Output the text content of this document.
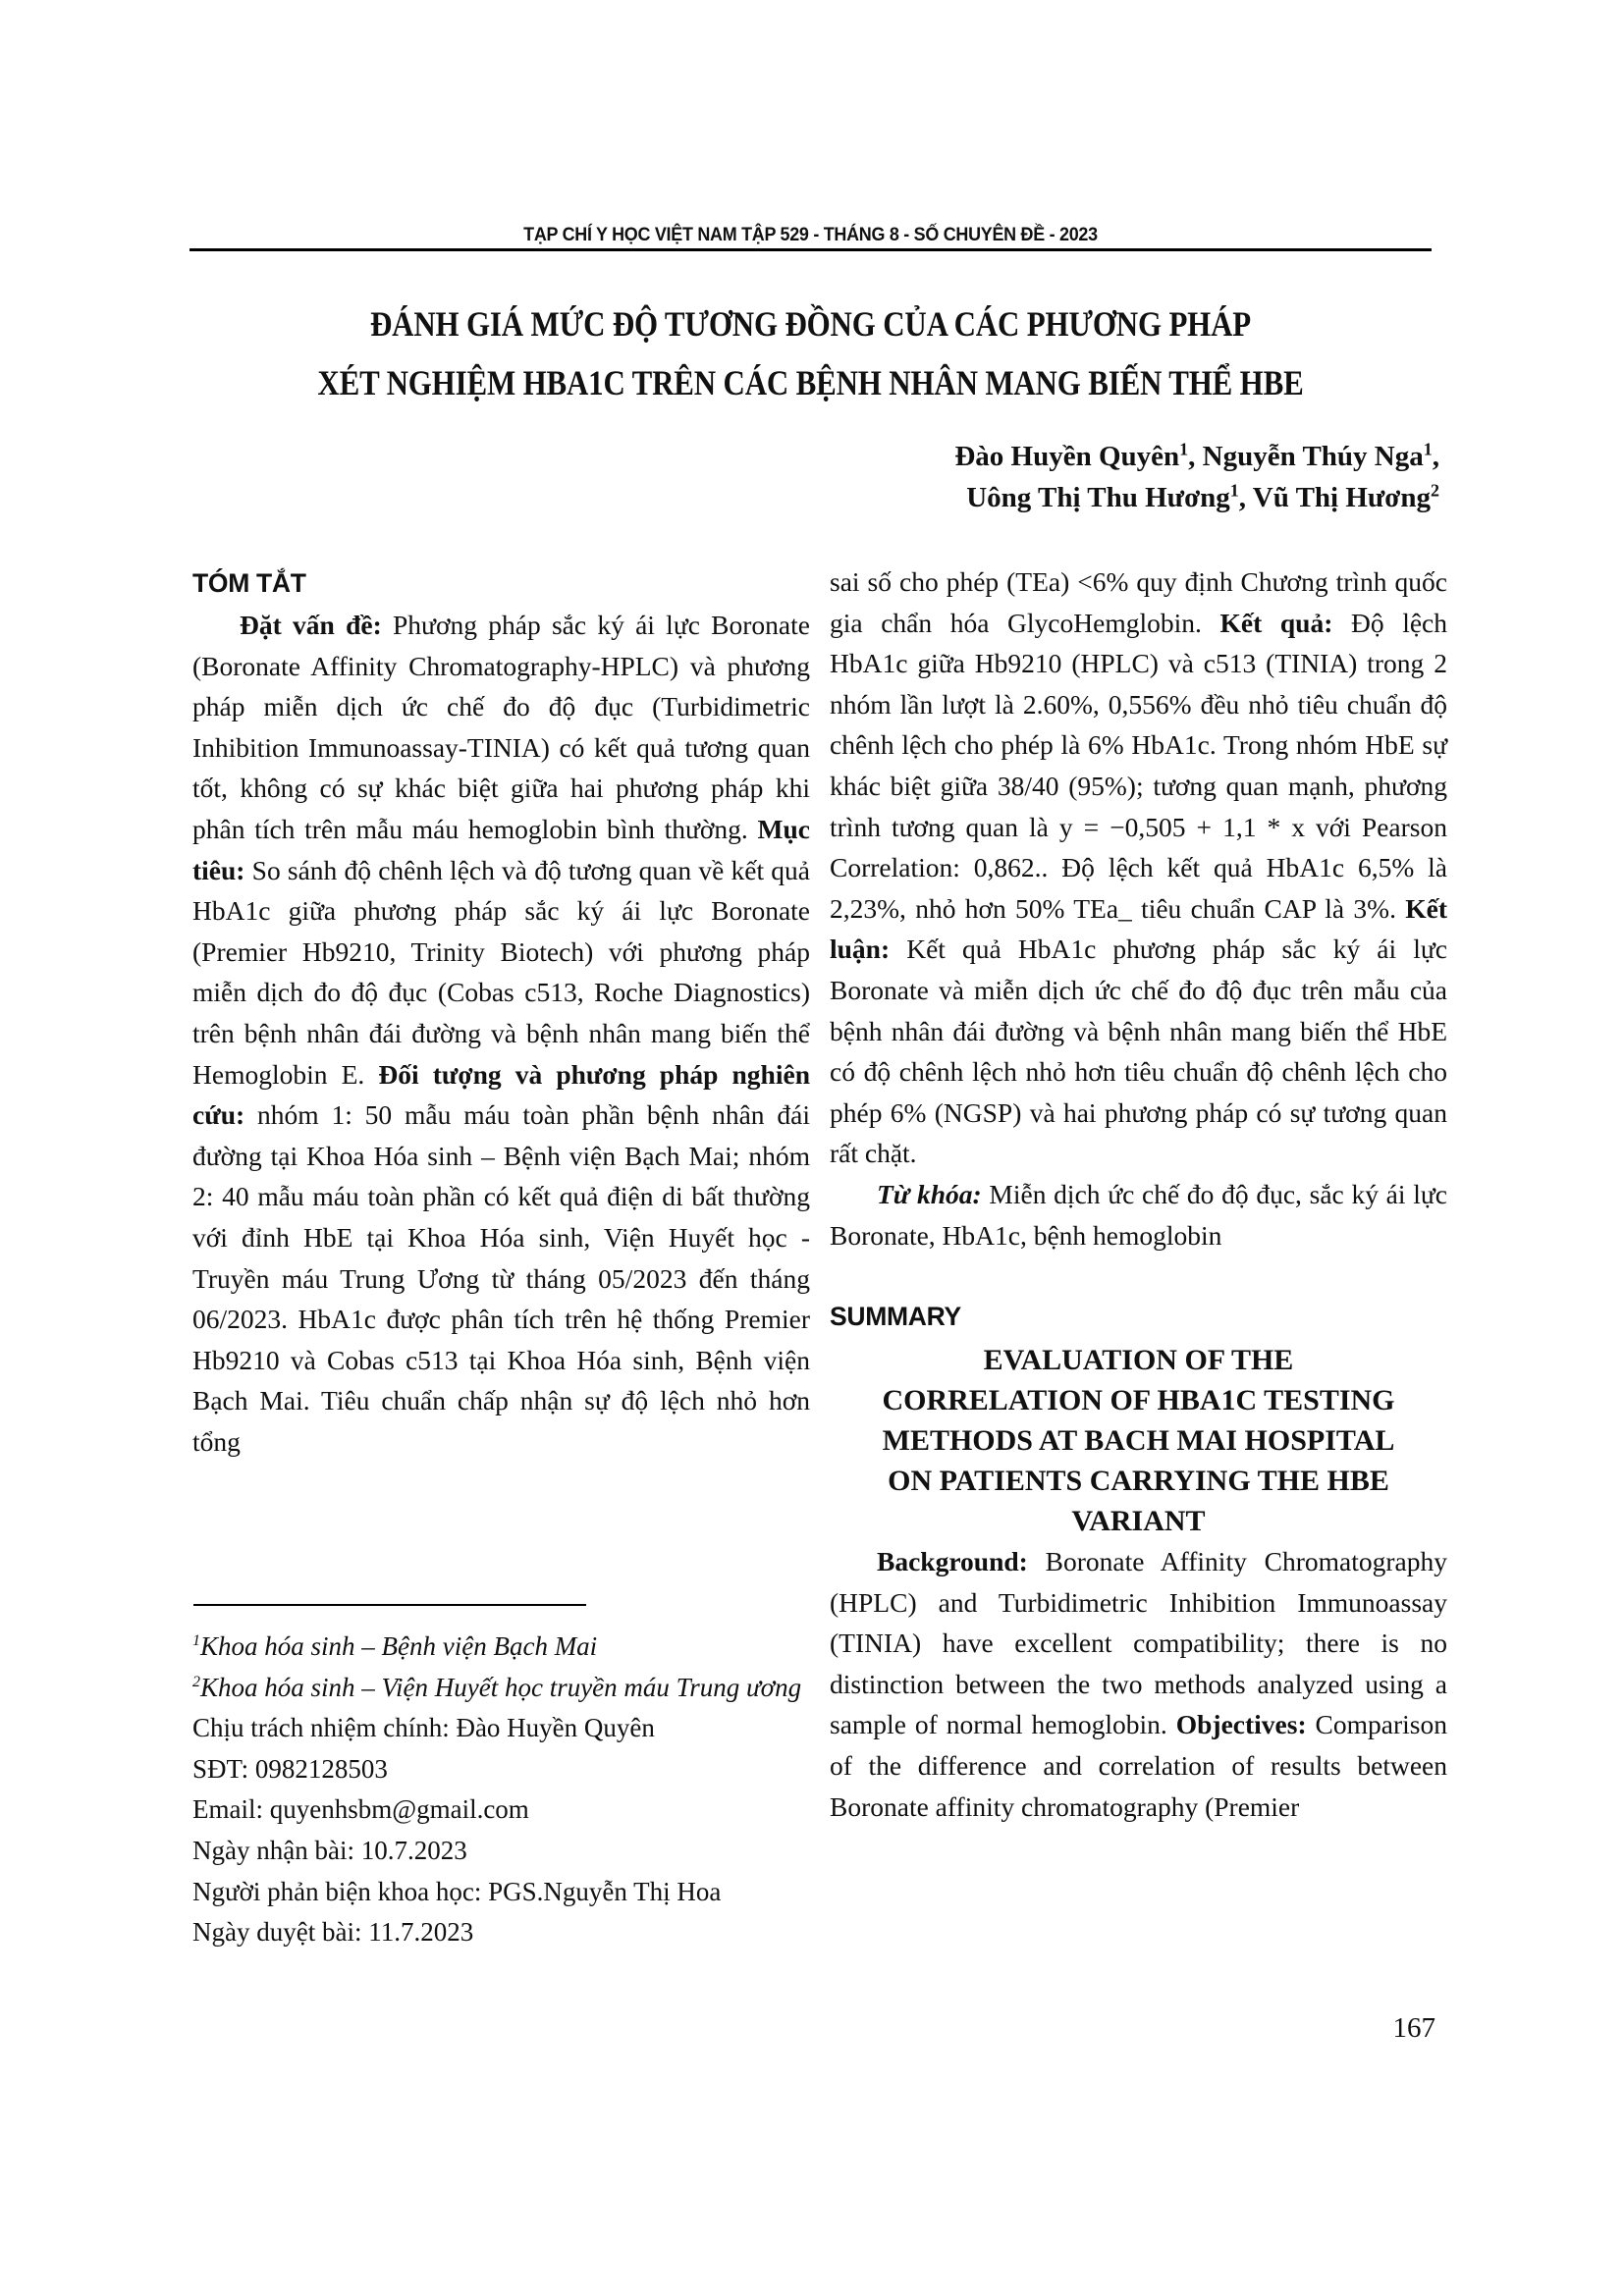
TẠP CHÍ Y HỌC VIỆT NAM TẬP 529 - THÁNG 8 - SỐ CHUYÊN ĐỀ - 2023
ĐÁNH GIÁ MỨC ĐỘ TƯƠNG ĐỒNG CỦA CÁC PHƯƠNG PHÁP
XÉT NGHIỆM HBA1C TRÊN CÁC BỆNH NHÂN MANG BIẾN THỂ HBE
Đào Huyền Quyên$^1$, Nguyễn Thúy Nga$^1$,
Uông Thị Thu Hương$^1$, Vũ Thị Hương$^2$
TÓM TẮT

Đặt vấn đề: Phương pháp sắc ký ái lực Boronate (Boronate Affinity Chromatography-HPLC) và phương pháp miễn dịch ức chế đo độ đục (Turbidimetric Inhibition Immunoassay-TINIA) có kết quả tương quan tốt, không có sự khác biệt giữa hai phương pháp khi phân tích trên mẫu máu hemoglobin bình thường. Mục tiêu: So sánh độ chênh lệch và độ tương quan về kết quả HbA1c giữa phương pháp sắc ký ái lực Boronate (Premier Hb9210, Trinity Biotech) với phương pháp miễn dịch đo độ đục (Cobas c513, Roche Diagnostics) trên bệnh nhân đái đường và bệnh nhân mang biến thể Hemoglobin E. Đối tượng và phương pháp nghiên cứu: nhóm 1: 50 mẫu máu toàn phần bệnh nhân đái đường tại Khoa Hóa sinh – Bệnh viện Bạch Mai; nhóm 2: 40 mẫu máu toàn phần có kết quả điện di bất thường với đỉnh HbE tại Khoa Hóa sinh, Viện Huyết học - Truyền máu Trung Ương từ tháng 05/2023 đến tháng 06/2023. HbA1c được phân tích trên hệ thống Premier Hb9210 và Cobas c513 tại Khoa Hóa sinh, Bệnh viện Bạch Mai. Tiêu chuẩn chấp nhận sự độ lệch nhỏ hơn tổng

sai số cho phép (TEa) <6% quy định Chương trình quốc gia chẩn hóa GlycoHemglobin. Kết quả: Độ lệch HbA1c giữa Hb9210 (HPLC) và c513 (TINIA) trong 2 nhóm lần lượt là 2.60%, 0,556% đều nhỏ tiêu chuẩn độ chênh lệch cho phép là 6% HbA1c. Trong nhóm HbE sự khác biệt giữa 38/40 (95%); tương quan mạnh, phương trình tương quan là y = −0,505 + 1,1 * x với Pearson Correlation: 0,862.. Độ lệch kết quả HbA1c 6,5% là 2,23%, nhỏ hơn 50% TEa_ tiêu chuẩn CAP là 3%. Kết luận: Kết quả HbA1c phương pháp sắc ký ái lực Boronate và miễn dịch ức chế đo độ đục trên mẫu của bệnh nhân đái đường và bệnh nhân mang biến thể HbE có độ chênh lệch nhỏ hơn tiêu chuẩn độ chênh lệch cho phép 6% (NGSP) và hai phương pháp có sự tương quan rất chặt.

Từ khóa: Miễn dịch ức chế đo độ đục, sắc ký ái lực Boronate, HbA1c, bệnh hemoglobin

SUMMARY
EVALUATION OF THE
CORRELATION OF HBA1C TESTING
METHODS AT BACH MAI HOSPITAL
ON PATIENTS CARRYING THE HBE
VARIANT

Background: Boronate Affinity Chromatography (HPLC) and Turbidimetric Inhibition Immunoassay (TINIA) have excellent compatibility; there is no distinction between the two methods analyzed using a sample of normal hemoglobin. Objectives: Comparison of the difference and correlation of results between Boronate affinity chromatography (Premier

$^1$Khoa hóa sinh – Bệnh viện Bạch Mai
$^2$Khoa hóa sinh – Viện Huyết học truyền máu Trung ương
Chịu trách nhiệm chính: Đào Huyền Quyên
SĐT: 0982128503
Email: quyenhsbm@gmail.com
Ngày nhận bài: 10.7.2023
Người phản biện khoa học: PGS.Nguyễn Thị Hoa
Ngày duyệt bài: 11.7.2023
167
